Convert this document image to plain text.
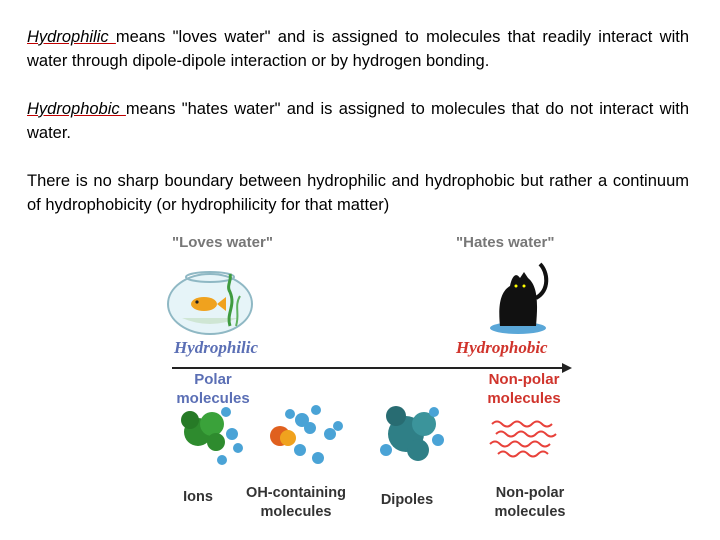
Hydrophilic means "loves water" and is assigned to molecules that readily interact with water through dipole-dipole interaction or by hydrogen bonding.

Hydrophobic means "hates water" and is assigned to molecules that do not interact with water.

There is no sharp boundary between hydrophilic and hydrophobic but rather a continuum of hydrophobicity (or hydrophilicity for that matter)

"Loves water"	"Hates water"
Hydrophilic	Hydrophobic
Polar
molecules
Non-polar
molecules
Ions	OH-containing
molecules
Dipoles	Non-polar
molecules
